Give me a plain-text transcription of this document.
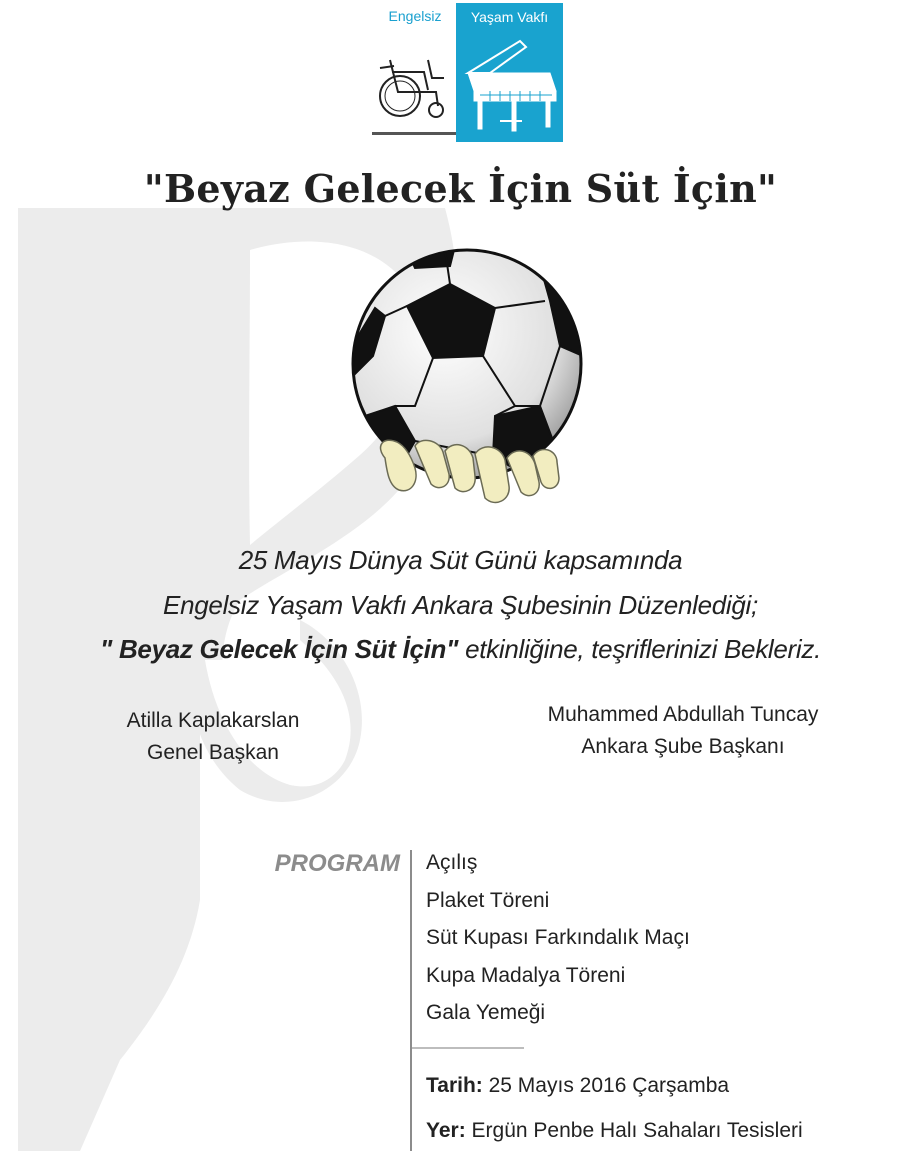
Engelsiz	Yaşam Vakfı
"Beyaz Gelecek İçin Süt İçin"
25 Mayıs Dünya Süt Günü kapsamında
Engelsiz Yaşam Vakfı Ankara Şubesinin Düzenlediği;
" Beyaz Gelecek İçin Süt İçin" etkinliğine, teşriflerinizi Bekleriz.
Atilla Kaplakarslan
Genel Başkan
Muhammed Abdullah Tuncay
Ankara Şube Başkanı
PROGRAM Açılış
Plaket Töreni
Süt Kupası Farkındalık Maçı
Kupa Madalya Töreni
Gala Yemeği
Tarih: 25 Mayıs 2016 Çarşamba
Yer: Ergün Penbe Halı Sahaları Tesisleri
